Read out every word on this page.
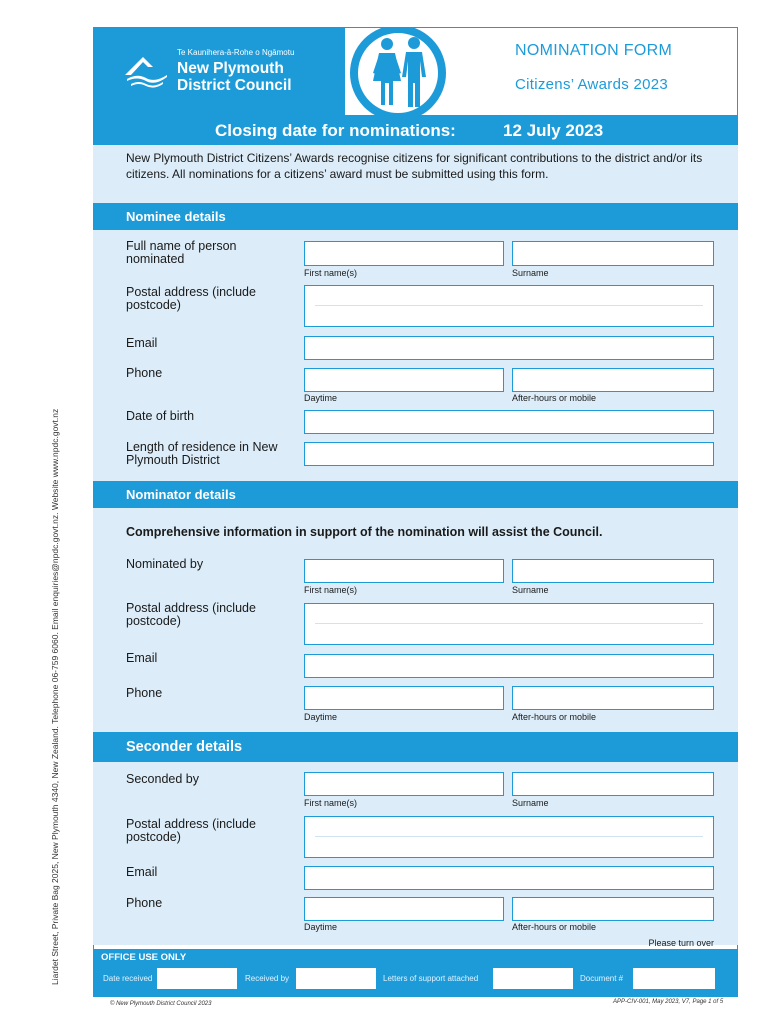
Te Kaunihera-ā-Rohe o Ngāmotu
New Plymouth
District Council
NOMINATION FORM
Citizens’ Awards 2023
Closing date for nominations:	12 July 2023
New Plymouth District Citizens’ Awards recognise citizens for significant contributions to the district and/or its citizens. All nominations for a citizens’ award must be submitted using this form.
Nominee details
Full name of person nominated
First name(s)	Surname
Postal address (include postcode)
Email
Phone
Daytime	After-hours or mobile
Date of birth
Length of residence in New Plymouth District
Nominator details
Comprehensive information in support of the nomination will assist the Council.
Nominated by
First name(s)	Surname
Postal address (include postcode)
Email
Phone
Daytime	After-hours or mobile
Seconder details
Seconded by
First name(s)	Surname
Postal address (include postcode)
Email
Phone
Daytime	After-hours or mobile
Please turn over
OFFICE USE ONLY
Date received	Received by	Letters of support attached	Document #
Liardet Street, Private Bag 2025, New Plymouth 4340, New Zealand. Telephone 06-759 6060. Email enquiries@npdc.govt.nz. Website www.npdc.govt.nz
© New Plymouth District Council 2023	APP-CIV-001, May 2023, V7, Page 1 of 5
